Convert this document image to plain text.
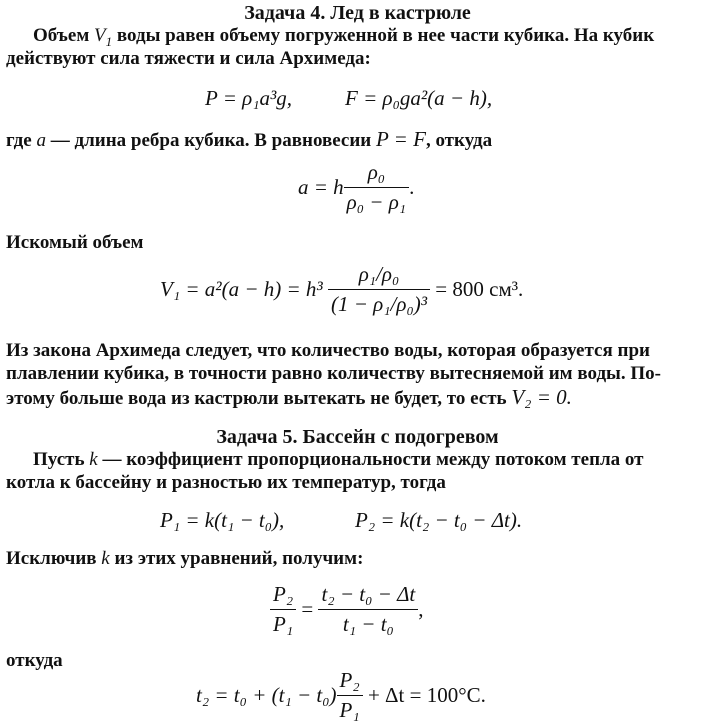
Задача 4. Лед в кастрюле
Объем $V_1$ воды равен объему погруженной в нее части кубика. На кубик
действуют сила тяжести и сила Архимеда:
P = ρ₁a³g,	F = ρ₀ga²(a − h),
где a — длина ребра кубика. В равновесии P = F, откуда
a = h $\frac{\text{ρ₀}}{\text{ρ₀ − ρ₁}}$ .
Искомый объем
$V_1 = a^2(a - h) = h^3 \frac{\text{ρ₁/ρ₀}}{\text{(1 − ρ₁/ρ₀)³}} = 800$ см³.
Из закона Архимеда следует, что количество воды, которая образуется при
плавлении кубика, в точности равно количеству вытесняемой им воды. По-
этому больше вода из кастрюли вытекать не будет, то есть V₂ = 0.
Задача 5. Бассейн с подогревом
Пусть k — коэффициент пропорциональности между потоком тепла от
котла к бассейну и разностью их температур, тогда
P₁ = k(t₁ − t₀),	P₂ = k(t₂ − t₀ − Δt).
Исключив k из этих уравнений, получим:
$\frac{\text{P₂}}{\text{P₁}} = \frac{\text{t₂ − t₀ − Δt}}{\text{t₁ − t₀}}$ ,
откуда
$t_2 = t_0 + (t_1 - t_0) \frac{\text{P₂}}{\text{P₁}} + \Delta t = 100^\circ C$.
